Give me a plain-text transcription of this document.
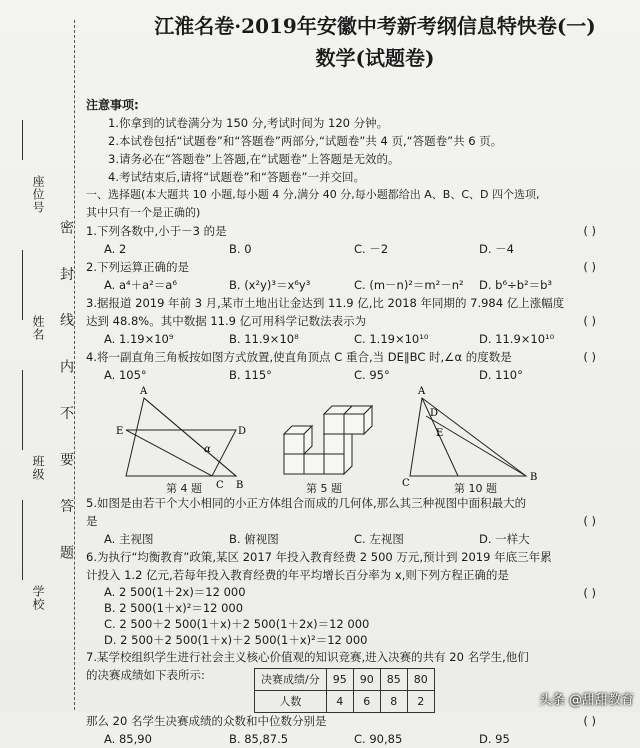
座位号
姓名
班级
学校
密 封 线 内 不 要 答 题
江淮名卷·2019年安徽中考新考纲信息特快卷(一)
数学(试题卷)
注意事项:
1.你拿到的试卷满分为 150 分,考试时间为 120 分钟。
2.本试卷包括“试题卷”和“答题卷”两部分,“试题卷”共 4 页,“答题卷”共 6 页。
3.请务必在“答题卷”上答题,在“试题卷”上答题是无效的。
4.考试结束后,请将“试题卷”和“答题卷”一并交回。
一、选择题(本大题共 10 小题,每小题 4 分,满分 40 分,每小题都给出 A、B、C、D 四个选项,
其中只有一个是正确的)
1.下列各数中,小于－3 的是	( )
A. 2	B. 0	C. －2	D. －4
2.下列运算正确的是	( )
A. a⁴＋a²＝a⁶	B. (x²y)³＝x⁶y³	C. (m－n)²＝m²－n²	D. b⁶÷b²＝b³
3.据报道 2019 年前 3 月,某市土地出让金达到 11.9 亿,比 2018 年同期的 7.984 亿上涨幅度
达到 48.8%。其中数据 11.9 亿可用科学记数法表示为	( )
A. 1.19×10⁹	B. 11.9×10⁸	C. 1.19×10¹⁰	D. 11.9×10¹⁰
4.将一副直角三角板按如图方式放置,使直角顶点 C 重合,当 DE∥BC 时,∠α 的度数是	( )
A. 105°	B. 115°	C. 95°	D. 110°
A
E	D
α
C B
A
D
E
C
B
第 4 题	第 5 题	第 10 题
5.如图是由若干个大小相同的小正方体组合而成的几何体,那么其三种视图中面积最大的
是	( )
A. 主视图	B. 俯视图	C. 左视图	D. 一样大
6.为执行“均衡教育”政策,某区 2017 年投入教育经费 2 500 万元,预计到 2019 年底三年累
计投入 1.2 亿元,若每年投入教育经费的年平均增长百分率为 x,则下列方程正确的是
( )
A. 2 500(1＋2x)＝12 000
B. 2 500(1＋x)²＝12 000
C. 2 500＋2 500(1＋x)＋2 500(1＋2x)＝12 000
D. 2 500＋2 500(1＋x)＋2 500(1＋x)²＝12 000
7.某学校组织学生进行社会主义核心价值观的知识竞赛,进入决赛的共有 20 名学生,他们
的决赛成绩如下表所示:	决赛成绩/分	95	90	85	80
人数	4	6	8	2
那么 20 名学生决赛成绩的众数和中位数分别是	( )
A. 85,90	B. 85,87.5	C. 90,85	D. 95
头条 @甜甜教育
